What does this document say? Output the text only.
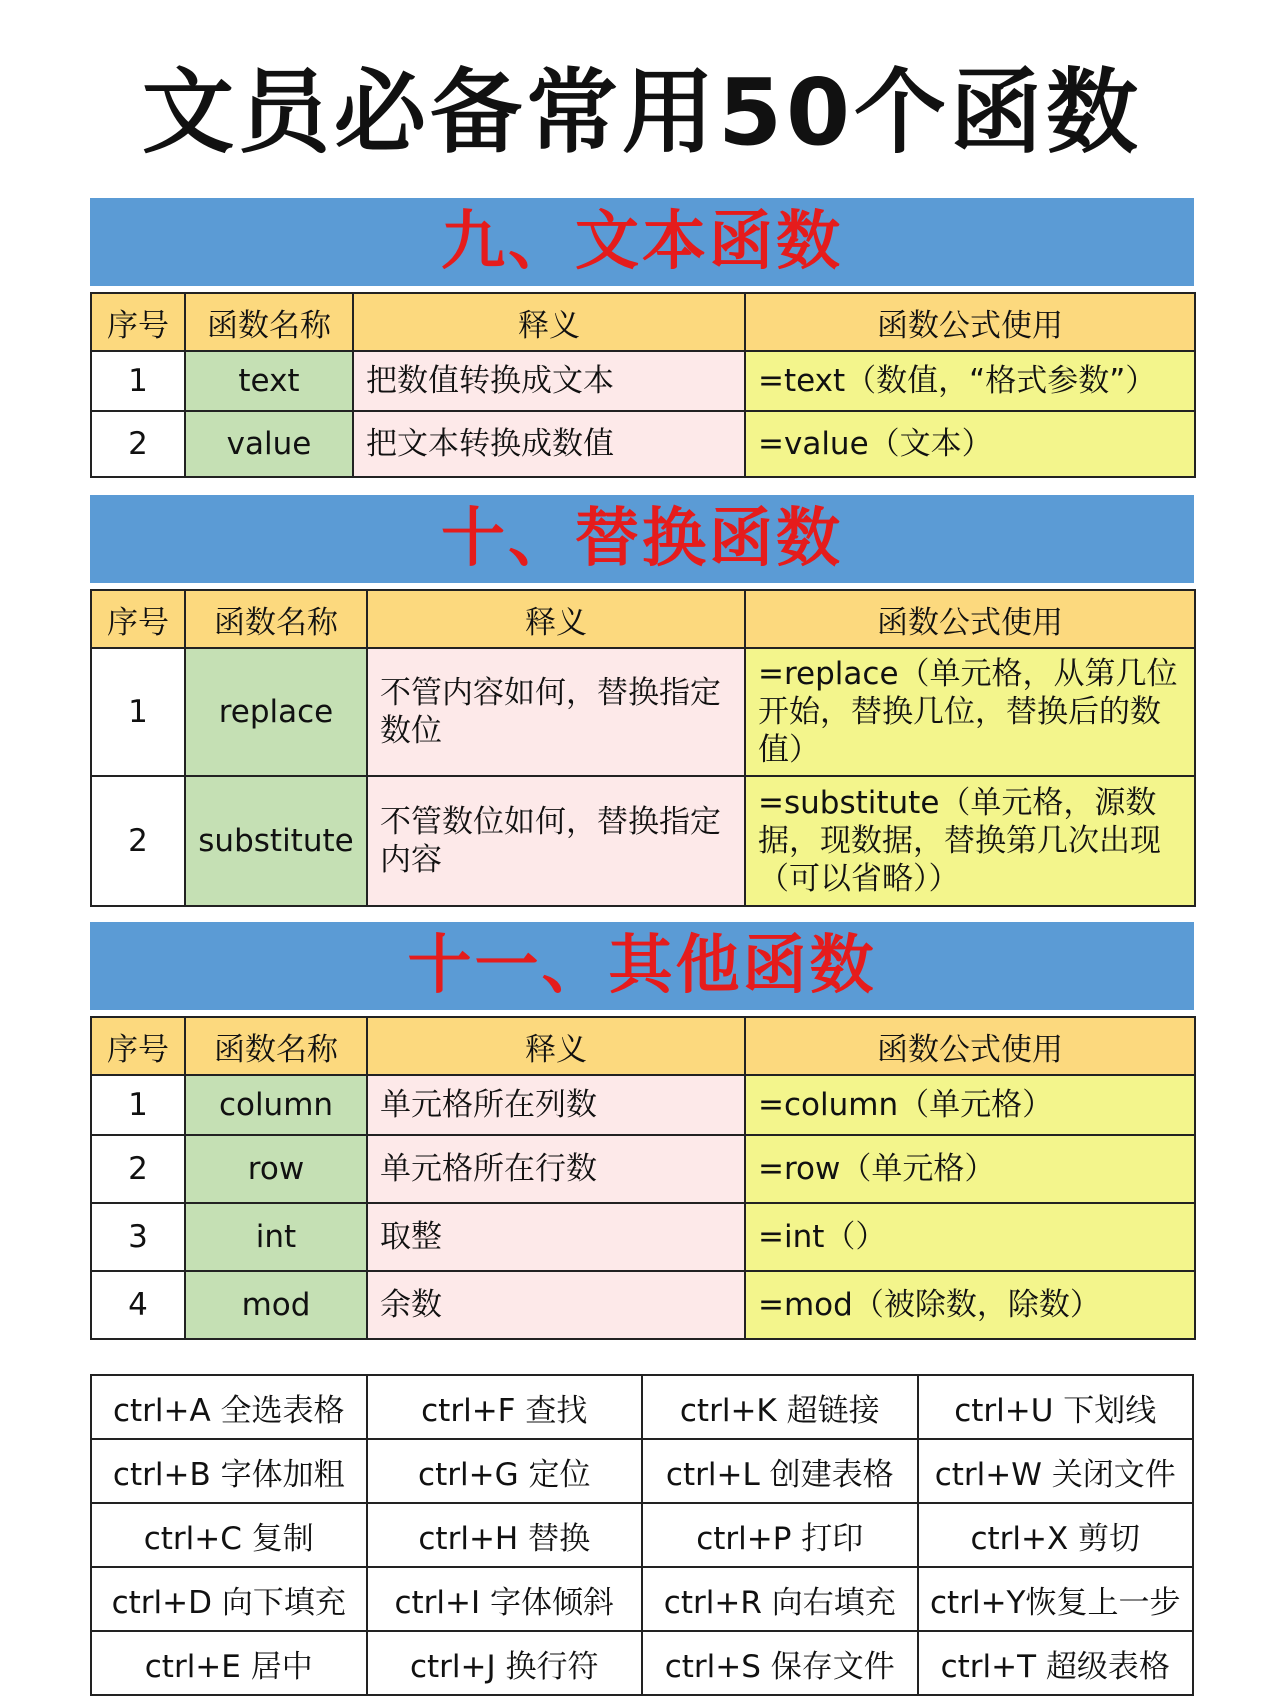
文员必备常用50个函数
九、文本函数
序号	函数名称	释义	函数公式使用
1	text	把数值转换成文本	=text（数值，“格式参数”）
2	value	把文本转换成数值	=value（文本）
十、替换函数
序号	函数名称	释义	函数公式使用
1	replace	不管内容如何，替换指定数位	=replace（单元格，从第几位开始，替换几位，替换后的数值）
2	substitute	不管数位如何，替换指定内容	=substitute（单元格，源数据，现数据，替换第几次出现（可以省略））
十一、其他函数
序号	函数名称	释义	函数公式使用
1	column	单元格所在列数	=column（单元格）
2	row	单元格所在行数	=row（单元格）
3	int	取整	=int（）
4	mod	余数	=mod（被除数，除数）
ctrl+A 全选表格	ctrl+F 查找	ctrl+K 超链接	ctrl+U 下划线
ctrl+B 字体加粗	ctrl+G 定位	ctrl+L 创建表格	ctrl+W 关闭文件
ctrl+C 复制	ctrl+H 替换	ctrl+P 打印	ctrl+X 剪切
ctrl+D 向下填充	ctrl+I 字体倾斜	ctrl+R 向右填充	ctrl+Y恢复上一步
ctrl+E 居中	ctrl+J 换行符	ctrl+S 保存文件	ctrl+T 超级表格
